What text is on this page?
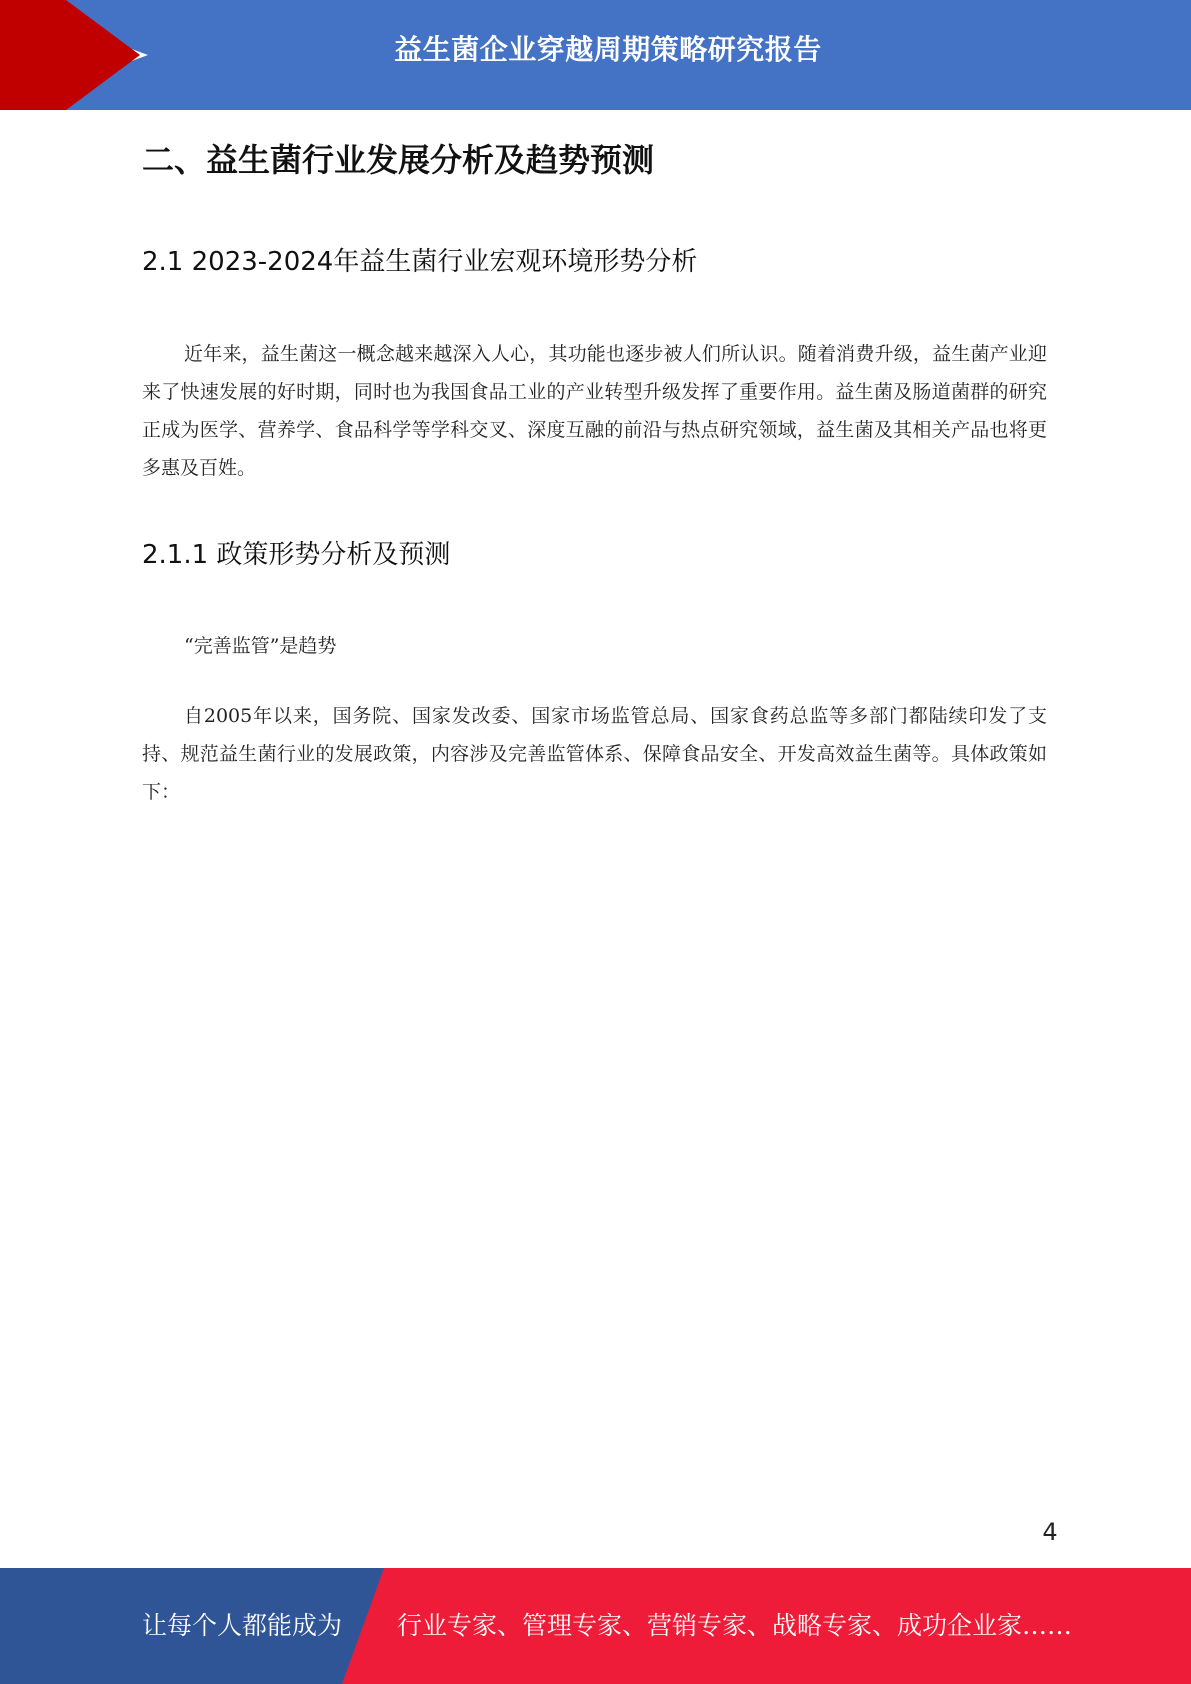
益生菌企业穿越周期策略研究报告
二、益生菌行业发展分析及趋势预测
2.1 2023-2024年益生菌行业宏观环境形势分析

近年来，益生菌这一概念越来越深入人心，其功能也逐步被人们所认识。随着消费升级，益生菌产业迎来了快速发展的好时期，同时也为我国食品工业的产业转型升级发挥了重要作用。益生菌及肠道菌群的研究正成为医学、营养学、食品科学等学科交叉、深度互融的前沿与热点研究领域，益生菌及其相关产品也将更多惠及百姓。

2.1.1 政策形势分析及预测

“完善监管”是趋势

自2005年以来，国务院、国家发改委、国家市场监管总局、国家食药总监等多部门都陆续印发了支持、规范益生菌行业的发展政策，内容涉及完善监管体系、保障食品安全、开发高效益生菌等。具体政策如下：

4
让每个人都能成为 行业专家、管理专家、营销专家、战略专家、成功企业家……
